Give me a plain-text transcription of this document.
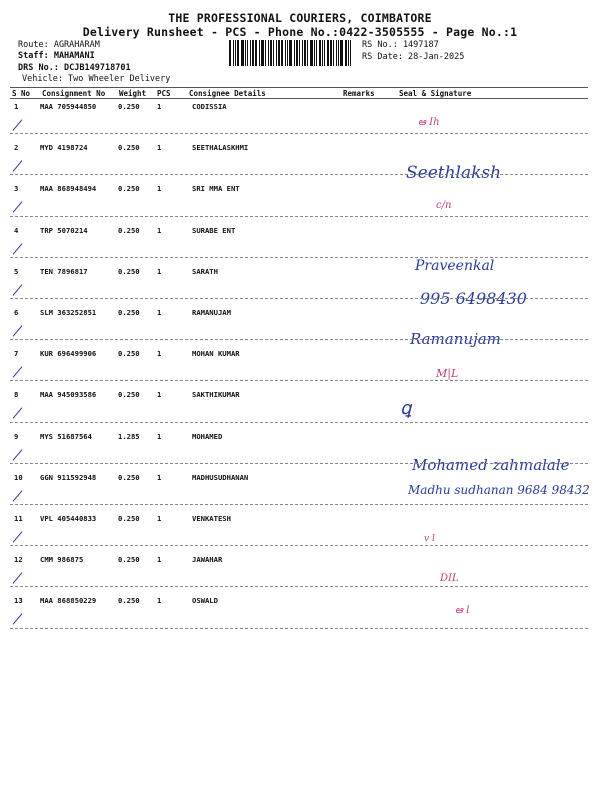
THE PROFESSIONAL COURIERS, COIMBATORE
Delivery Runsheet - PCS - Phone No.:0422-3505555 - Page No.:1
Route: AGRAHARAM
Staff: MAHAMANI
DRS No.: DCJB149718701
Vehicle: Two Wheeler Delivery
RS No.: 1497187
RS Date: 28-Jan-2025
S No Consignment No Weight PCS Consignee Details	Remarks	Seal & Signature
1	MAA 705944850	0.250 1	CODISSIA
ఆ Ih
2	MYD 4198724	0.250 1	SEETHALASKHMI
Seethlaksh
3	MAA 868948494	0.250 1	SRI MMA ENT
c/n
4	TRP 5070214	0.250 1	SURABE ENT
Praveenkal
5	TEN 7896817	0.250 1	SARATH
995 6498430
6	SLM 363252851	0.250 1	RAMANUJAM
Ramanujam
7	KUR 696499906	0.250 1	MOHAN KUMAR
M|L
8	MAA 945093586	0.250 1	SAKTHIKUMAR
ꝗ
9	MYS 51687564	1.285 1	MOHAMED
Mohamed zahmalale
10 GGN 911592948	0.250 1	MADHUSUDHANAN
Madhu sudhanan 9684 98432
11 VPL 405440833	0.250 1	VENKATESH
v l
12 CMM 986875	0.250 1	JAWAHAR
DIL
13 MAA 868850229	0.250 1	OSWALD
ఆ l
